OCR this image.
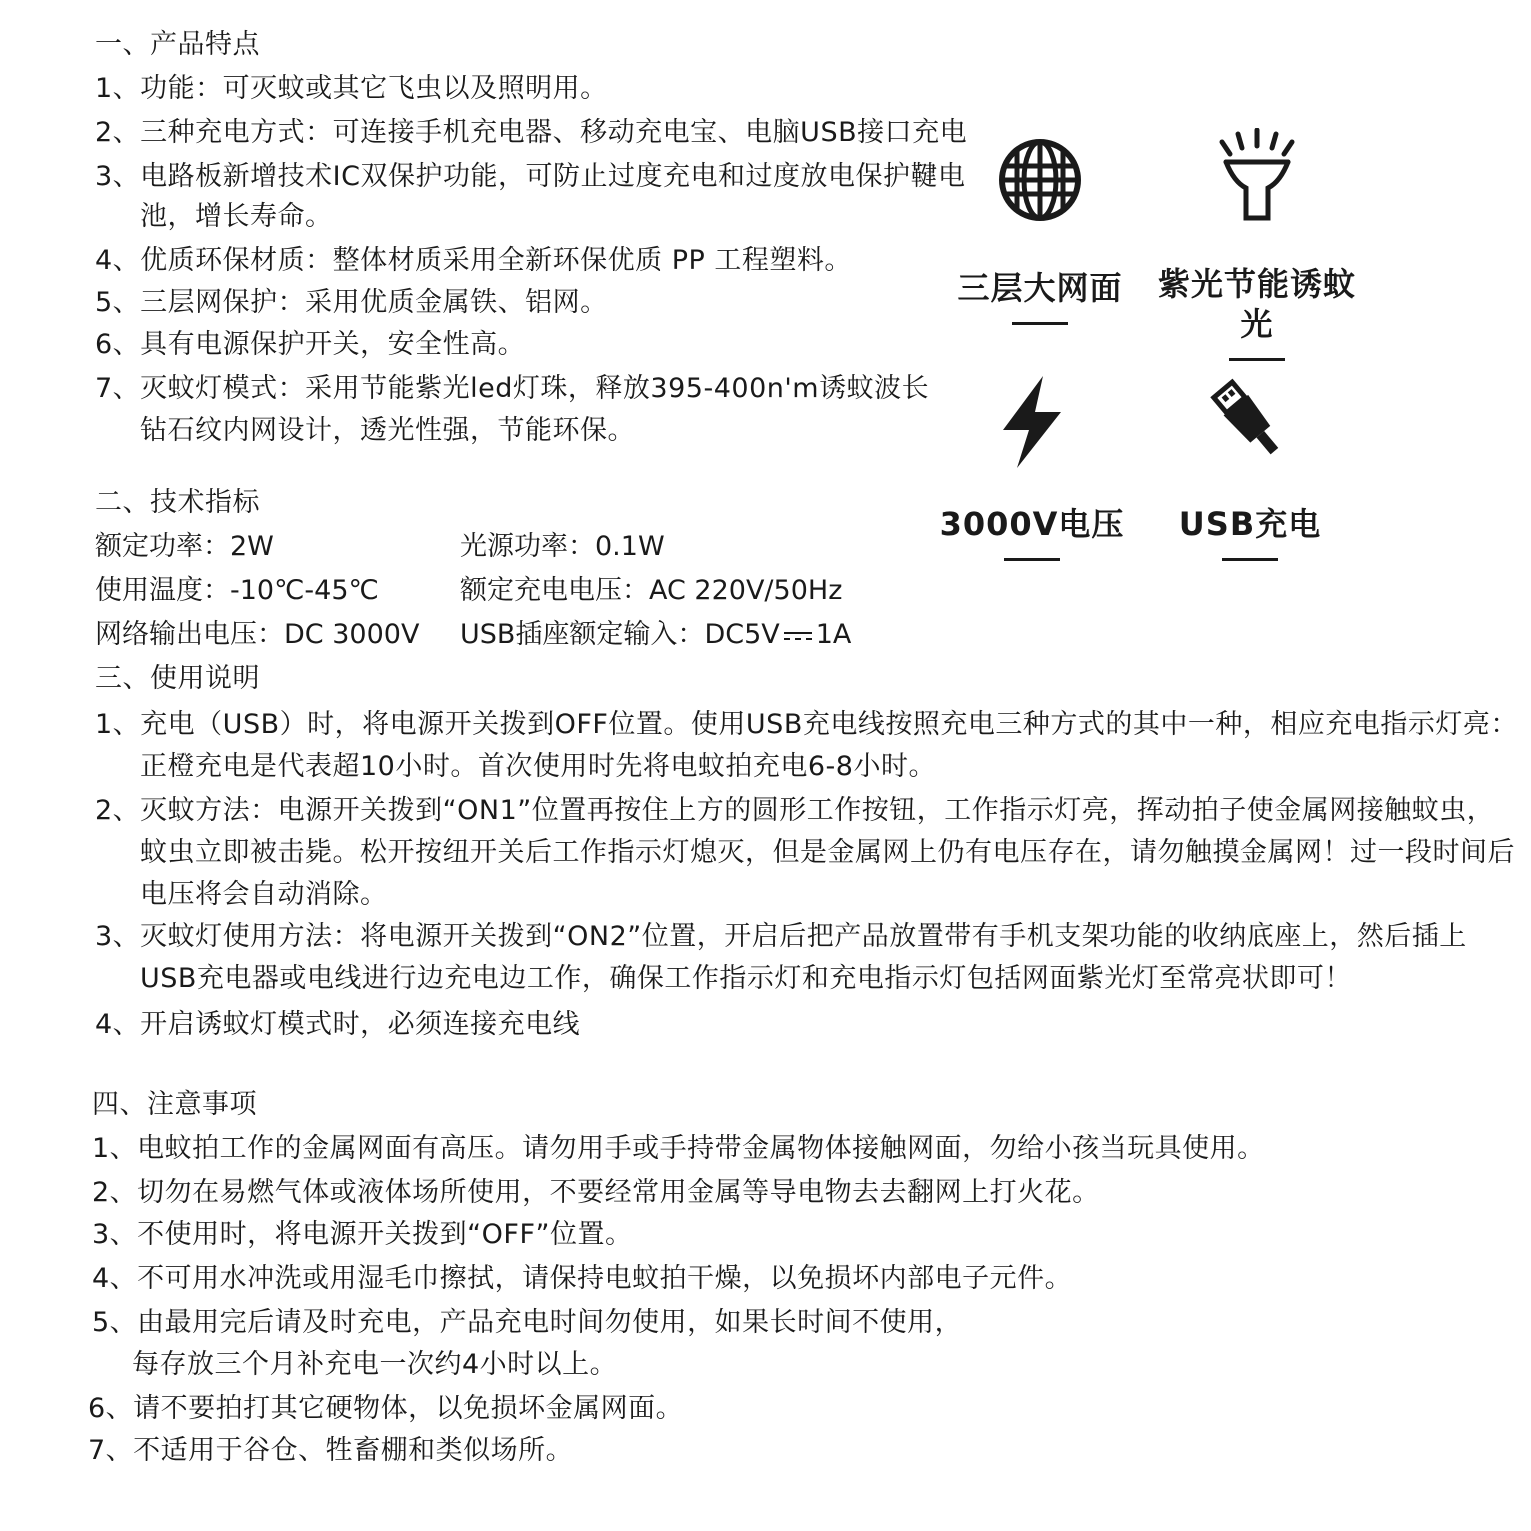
一、产品特点
1、功能：可灭蚊或其它飞虫以及照明用。
2、三种充电方式：可连接手机充电器、移动充电宝、电脑USB接口充电
3、电路板新增技术IC双保护功能，可防止过度充电和过度放电保护鞬电
池，增长寿命。
4、优质环保材质：整体材质采用全新环保优质 PP 工程塑料。
5、三层网保护：采用优质金属铁、铝网。
6、具有电源保护开关，安全性高。
7、灭蚊灯模式：采用节能紫光led灯珠，释放395-400n'm诱蚊波长
钻石纹内网设计，透光性强，节能环保。
三层大网面	紫光节能诱蚊光
3000V电压	USB充电
二、技术指标
额定功率：2W	光源功率：0.1W
使用温度：-10℃-45℃	额定充电电压：AC 220V/50Hz
网络输出电压：DC 3000V USB插座额定输入：DC5V 1A
三、使用说明
1、充电（USB）时，将电源开关拨到OFF位置。使用USB充电线按照充电三种方式的其中一种，相应充电指示灯亮：
正橙充电是代表超10小时。首次使用时先将电蚊拍充电6-8小时。
2、灭蚊方法：电源开关拨到“ON1”位置再按住上方的圆形工作按钮，工作指示灯亮，挥动拍子使金属网接触蚊虫，
蚊虫立即被击毙。松开按纽开关后工作指示灯熄灭，但是金属网上仍有电压存在，请勿触摸金属网！过一段时间后
电压将会自动消除。
3、灭蚊灯使用方法：将电源开关拨到“ON2”位置，开启后把产品放置带有手机支架功能的收纳底座上，然后插上
USB充电器或电线进行边充电边工作，确保工作指示灯和充电指示灯包括网面紫光灯至常亮状即可！
4、开启诱蚊灯模式时，必须连接充电线
四、注意事项
1、电蚊拍工作的金属网面有高压。请勿用手或手持带金属物体接触网面，勿给小孩当玩具使用。
2、切勿在易燃气体或液体场所使用，不要经常用金属等导电物去去翻网上打火花。
3、不使用时，将电源开关拨到“OFF”位置。
4、不可用水冲洗或用湿毛巾擦拭，请保持电蚊拍干燥，以免损坏内部电子元件。
5、由最用完后请及时充电，产品充电时间勿使用，如果长时间不使用，
每存放三个月补充电一次约4小时以上。
6、请不要拍打其它硬物体，以免损坏金属网面。
7、不适用于谷仓、牲畜棚和类似场所。
